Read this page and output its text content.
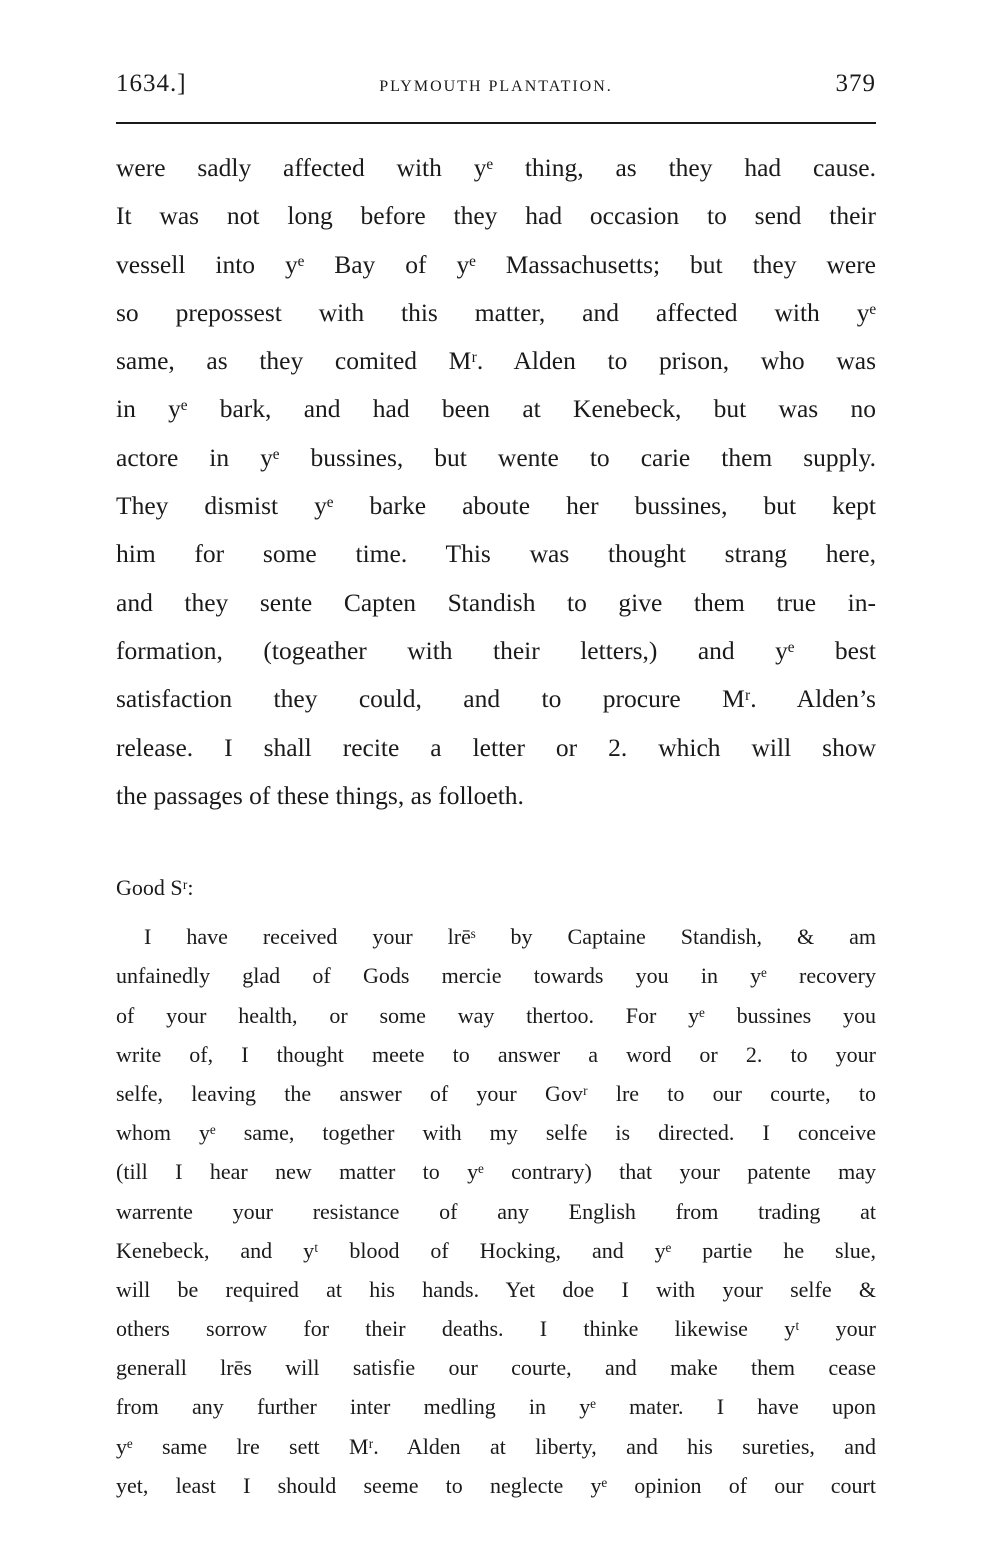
1634.]	PLYMOUTH PLANTATION.	379
were sadly affected with yᵉ thing, as they had cause.
It was not long before they had occasion to send their
vessell into yᵉ Bay of yᵉ Massachusetts; but they were
so prepossest with this matter, and affected with yᵉ
same, as they comited Mʳ. Alden to prison, who was
in yᵉ bark, and had been at Kenebeck, but was no
actore in yᵉ bussines, but wente to carie them supply.
They dismist yᵉ barke aboute her bussines, but kept
him for some time. This was thought strang here,
and they sente Capten Standish to give them true in-
formation, (togeather with their letters,) and yᵉ best
satisfaction they could, and to procure Mʳ. Alden’s
release. I shall recite a letter or 2. which will show
the passages of these things, as folloeth.
Good Sʳ:
I have received your lrēˢ by Captaine Standish, & am
unfainedly glad of Gods mercie towards you in yᵉ recovery
of your health, or some way thertoo. For yᵉ bussines you
write of, I thought meete to answer a word or 2. to your
selfe, leaving the answer of your Govʳ lre to our courte, to
whom yᵉ same, together with my selfe is directed. I conceive
(till I hear new matter to yᵉ contrary) that your patente may
warrente your resistance of any English from trading at
Kenebeck, and yᵗ blood of Hocking, and yᵉ partie he slue,
will be required at his hands. Yet doe I with your selfe &
others sorrow for their deaths. I thinke likewise yᵗ your
generall lrēs will satisfie our courte, and make them cease
from any further inter medling in yᵉ mater. I have upon
yᵉ same lre sett Mʳ. Alden at liberty, and his sureties, and
yet, least I should seeme to neglecte yᵉ opinion of our court
